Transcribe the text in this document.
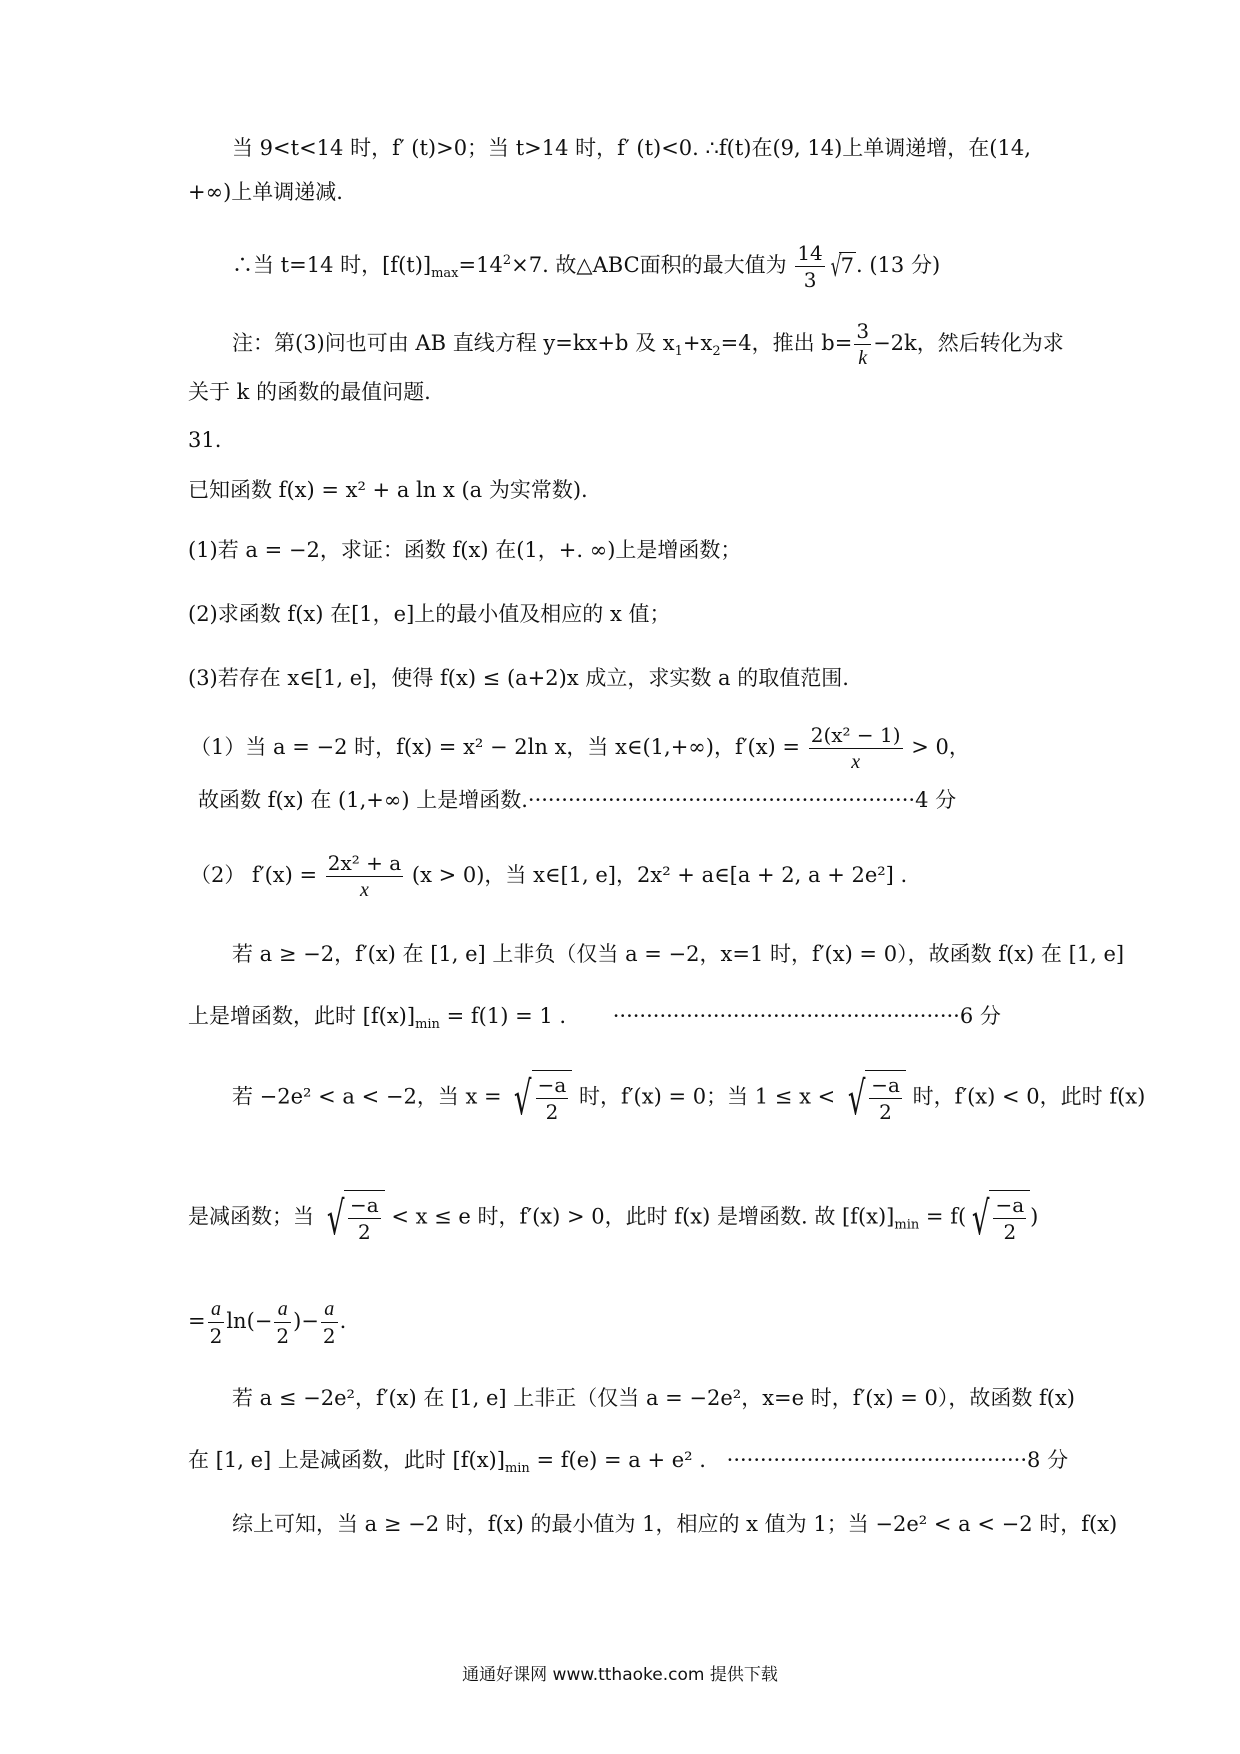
当 9<t<14 时，f′ (t)>0；当 t>14 时，f′ (t)<0. ∴f(t)在(9, 14)上单调递增，在(14,
+∞)上单调递减.
∴当 t=14 时，$[f(t)]_{max}=14^2\times 7$. 故△ABC面积的最大值为 $\frac{14}{3}$ √ 7 . (13 分)
注：第(3)问也可由 AB 直线方程 y=kx+b 及 $x_1+x_2=4$，推出 $b= \frac{3}{k} -2k$，然后转化为求
关于 k 的函数的最值问题.
31.
已知函数 f(x) = x² + a ln x (a 为实常数).
(1)若 a = −2，求证：函数 f(x) 在(1，+. ∞)上是增函数；
(2)求函数 f(x) 在[1，e]上的最小值及相应的 x 值；
(3)若存在 x∈[1, e]，使得 f(x) ≤ (a+2)x 成立，求实数 a 的取值范围.
（1）当 a = −2 时，f(x) = x² − 2ln x，当 x∈(1,+∞)，$f'(x) = \frac{\text{2(x² − 1)}}{x} > 0$，
故函数 f(x) 在 (1,+∞) 上是增函数.··························································4 分
（2） $f'(x) = \frac{\text{2x² + a}}{x} (x > 0)$，当 x∈[1, e]，2x² + a∈[a + 2, a + 2e²] .
若 a ≥ −2，f′(x) 在 [1, e] 上非负（仅当 a = −2，x=1 时，f′(x) = 0），故函数 f(x) 在 [1, e]
上是增函数，此时 $[f(x)]_{min} = f(1) = 1$ . ····················································6 分
若 −2e² < a < −2，当 x = √ $\frac{-a}{2}$ 时，f′(x) = 0；当 1 ≤ x < √ $\frac{-a}{2}$ 时，f′(x) < 0，此时 f(x)
是减函数；当 √ $\frac{-a}{2} < x \le e$ 时，f′(x) > 0，此时 f(x) 是增函数. 故 $[f(x)]_{min} = f$( √ $\frac{-a}{2}$ )
= $\frac{a}{2} \ln(- \frac{a}{2}$ )− $\frac{a}{2}$ .
若 a ≤ −2e²，f′(x) 在 [1, e] 上非正（仅当 a = −2e²，x=e 时，f′(x) = 0），故函数 f(x)
在 [1, e] 上是减函数，此时 $[f(x)]_{min} = f(e) = a + e^2$ . ·············································8 分
综上可知，当 a ≥ −2 时，f(x) 的最小值为 1，相应的 x 值为 1；当 −2e² < a < −2 时，f(x)
通通好课网 www.tthaoke.com 提供下载
